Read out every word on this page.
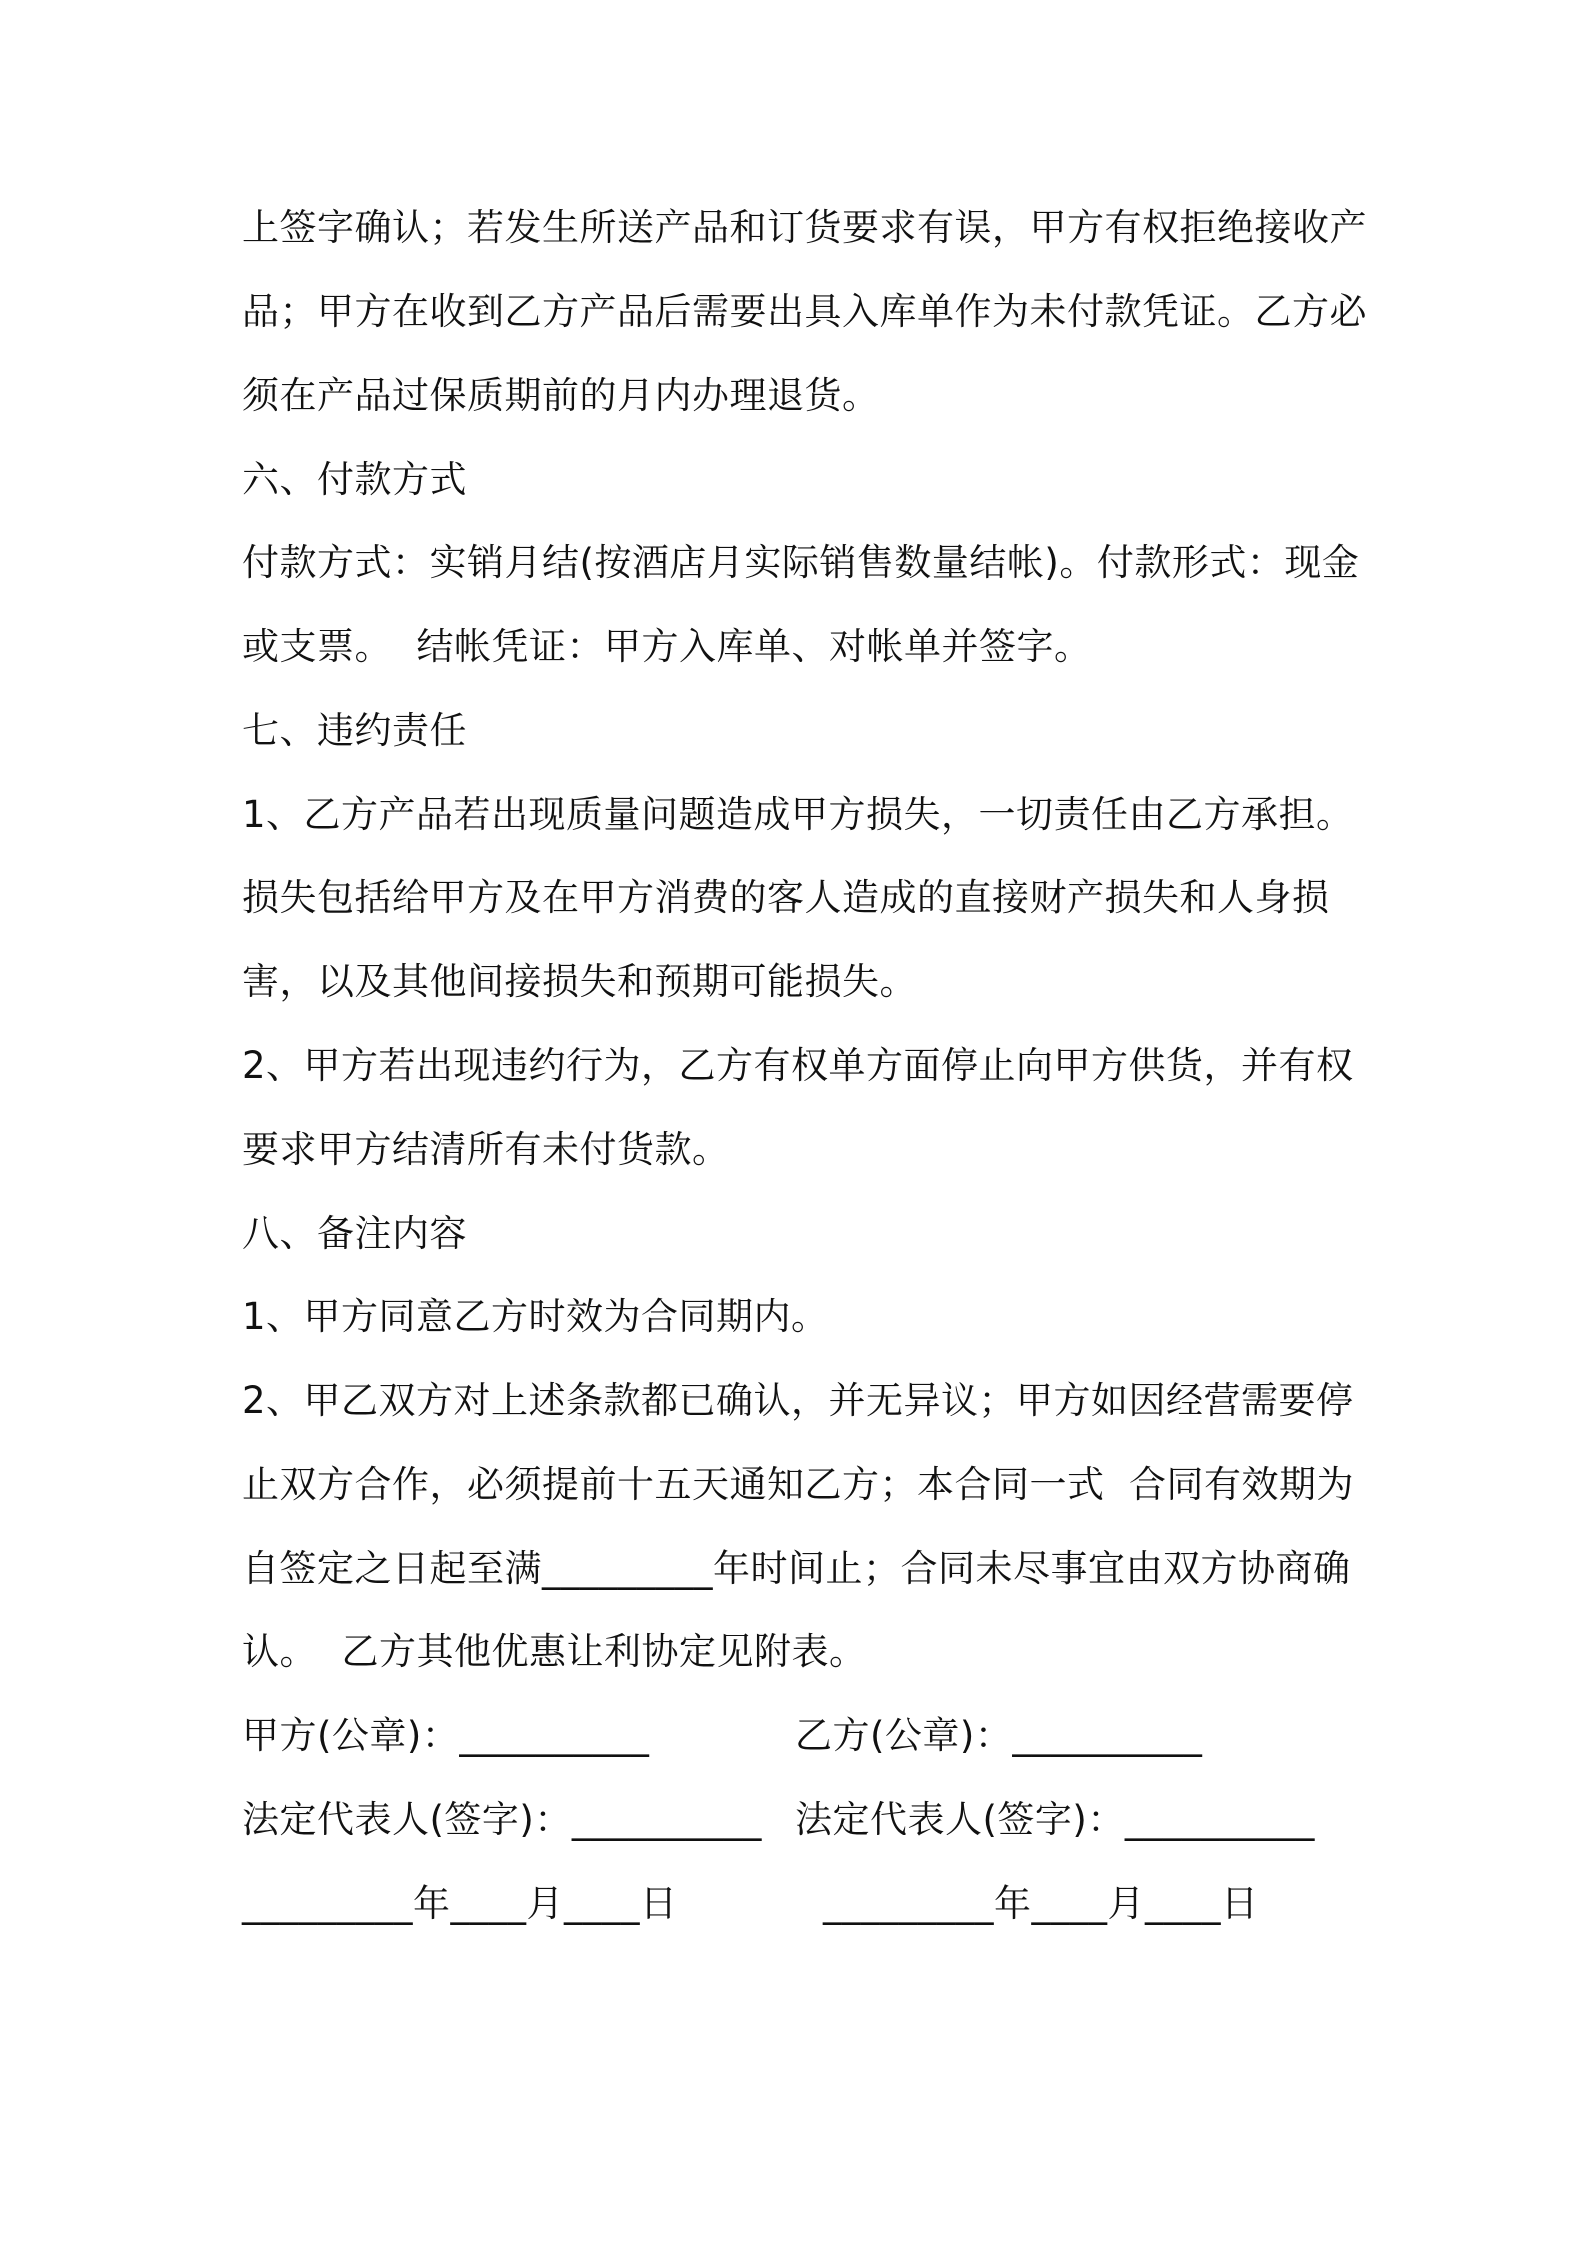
上签字确认；若发生所送产品和订货要求有误，甲方有权拒绝接收产
品；甲方在收到乙方产品后需要出具入库单作为未付款凭证。乙方必
须在产品过保质期前的月内办理退货。
六、付款方式
付款方式：实销月结(按酒店月实际销售数量结帐)。付款形式：现金
或支票。  结帐凭证：甲方入库单、对帐单并签字。
七、违约责任
1、乙方产品若出现质量问题造成甲方损失，一切责任由乙方承担。
损失包括给甲方及在甲方消费的客人造成的直接财产损失和人身损
害，以及其他间接损失和预期可能损失。
2、甲方若出现违约行为，乙方有权单方面停止向甲方供货，并有权
要求甲方结清所有未付货款。
八、备注内容
1、甲方同意乙方时效为合同期内。
2、甲乙双方对上述条款都已确认，并无异议；甲方如因经营需要停
止双方合作，必须提前十五天通知乙方；本合同一式  合同有效期为
自签定之日起至满_________年时间止；合同未尽事宜由双方协商确
认。  乙方其他优惠让利协定见附表。
甲方(公章)：__________	乙方(公章)：__________
法定代表人(签字)：__________ 法定代表人(签字)：__________
_________年____月____日	_________年____月____日
